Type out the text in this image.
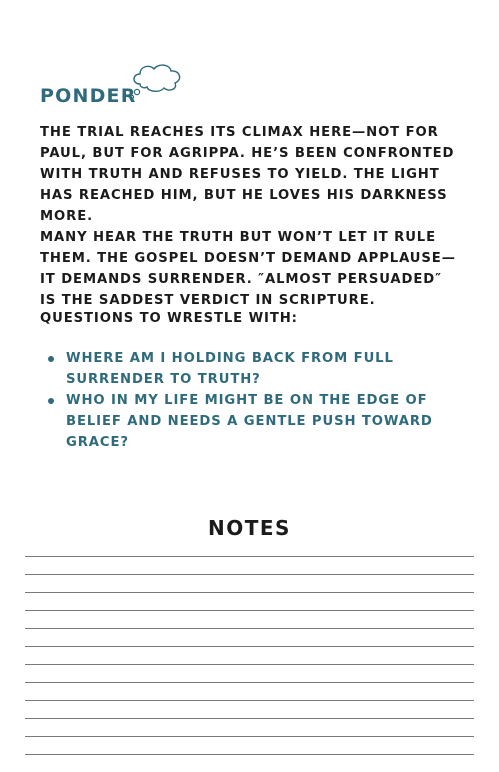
PONDER

THE TRIAL REACHES ITS CLIMAX HERE—NOT FOR PAUL, BUT FOR AGRIPPA. HE’S BEEN CONFRONTED WITH TRUTH AND REFUSES TO YIELD. THE LIGHT HAS REACHED HIM, BUT HE LOVES HIS DARKNESS MORE.

MANY HEAR THE TRUTH BUT WON’T LET IT RULE THEM. THE GOSPEL DOESN’T DEMAND APPLAUSE—IT DEMANDS SURRENDER. ″ALMOST PERSUADED″ IS THE SADDEST VERDICT IN SCRIPTURE.

QUESTIONS TO WRESTLE WITH:
WHERE AM I HOLDING BACK FROM FULL SURRENDER TO TRUTH?
WHO IN MY LIFE MIGHT BE ON THE EDGE OF BELIEF AND NEEDS A GENTLE PUSH TOWARD GRACE?
NOTES
